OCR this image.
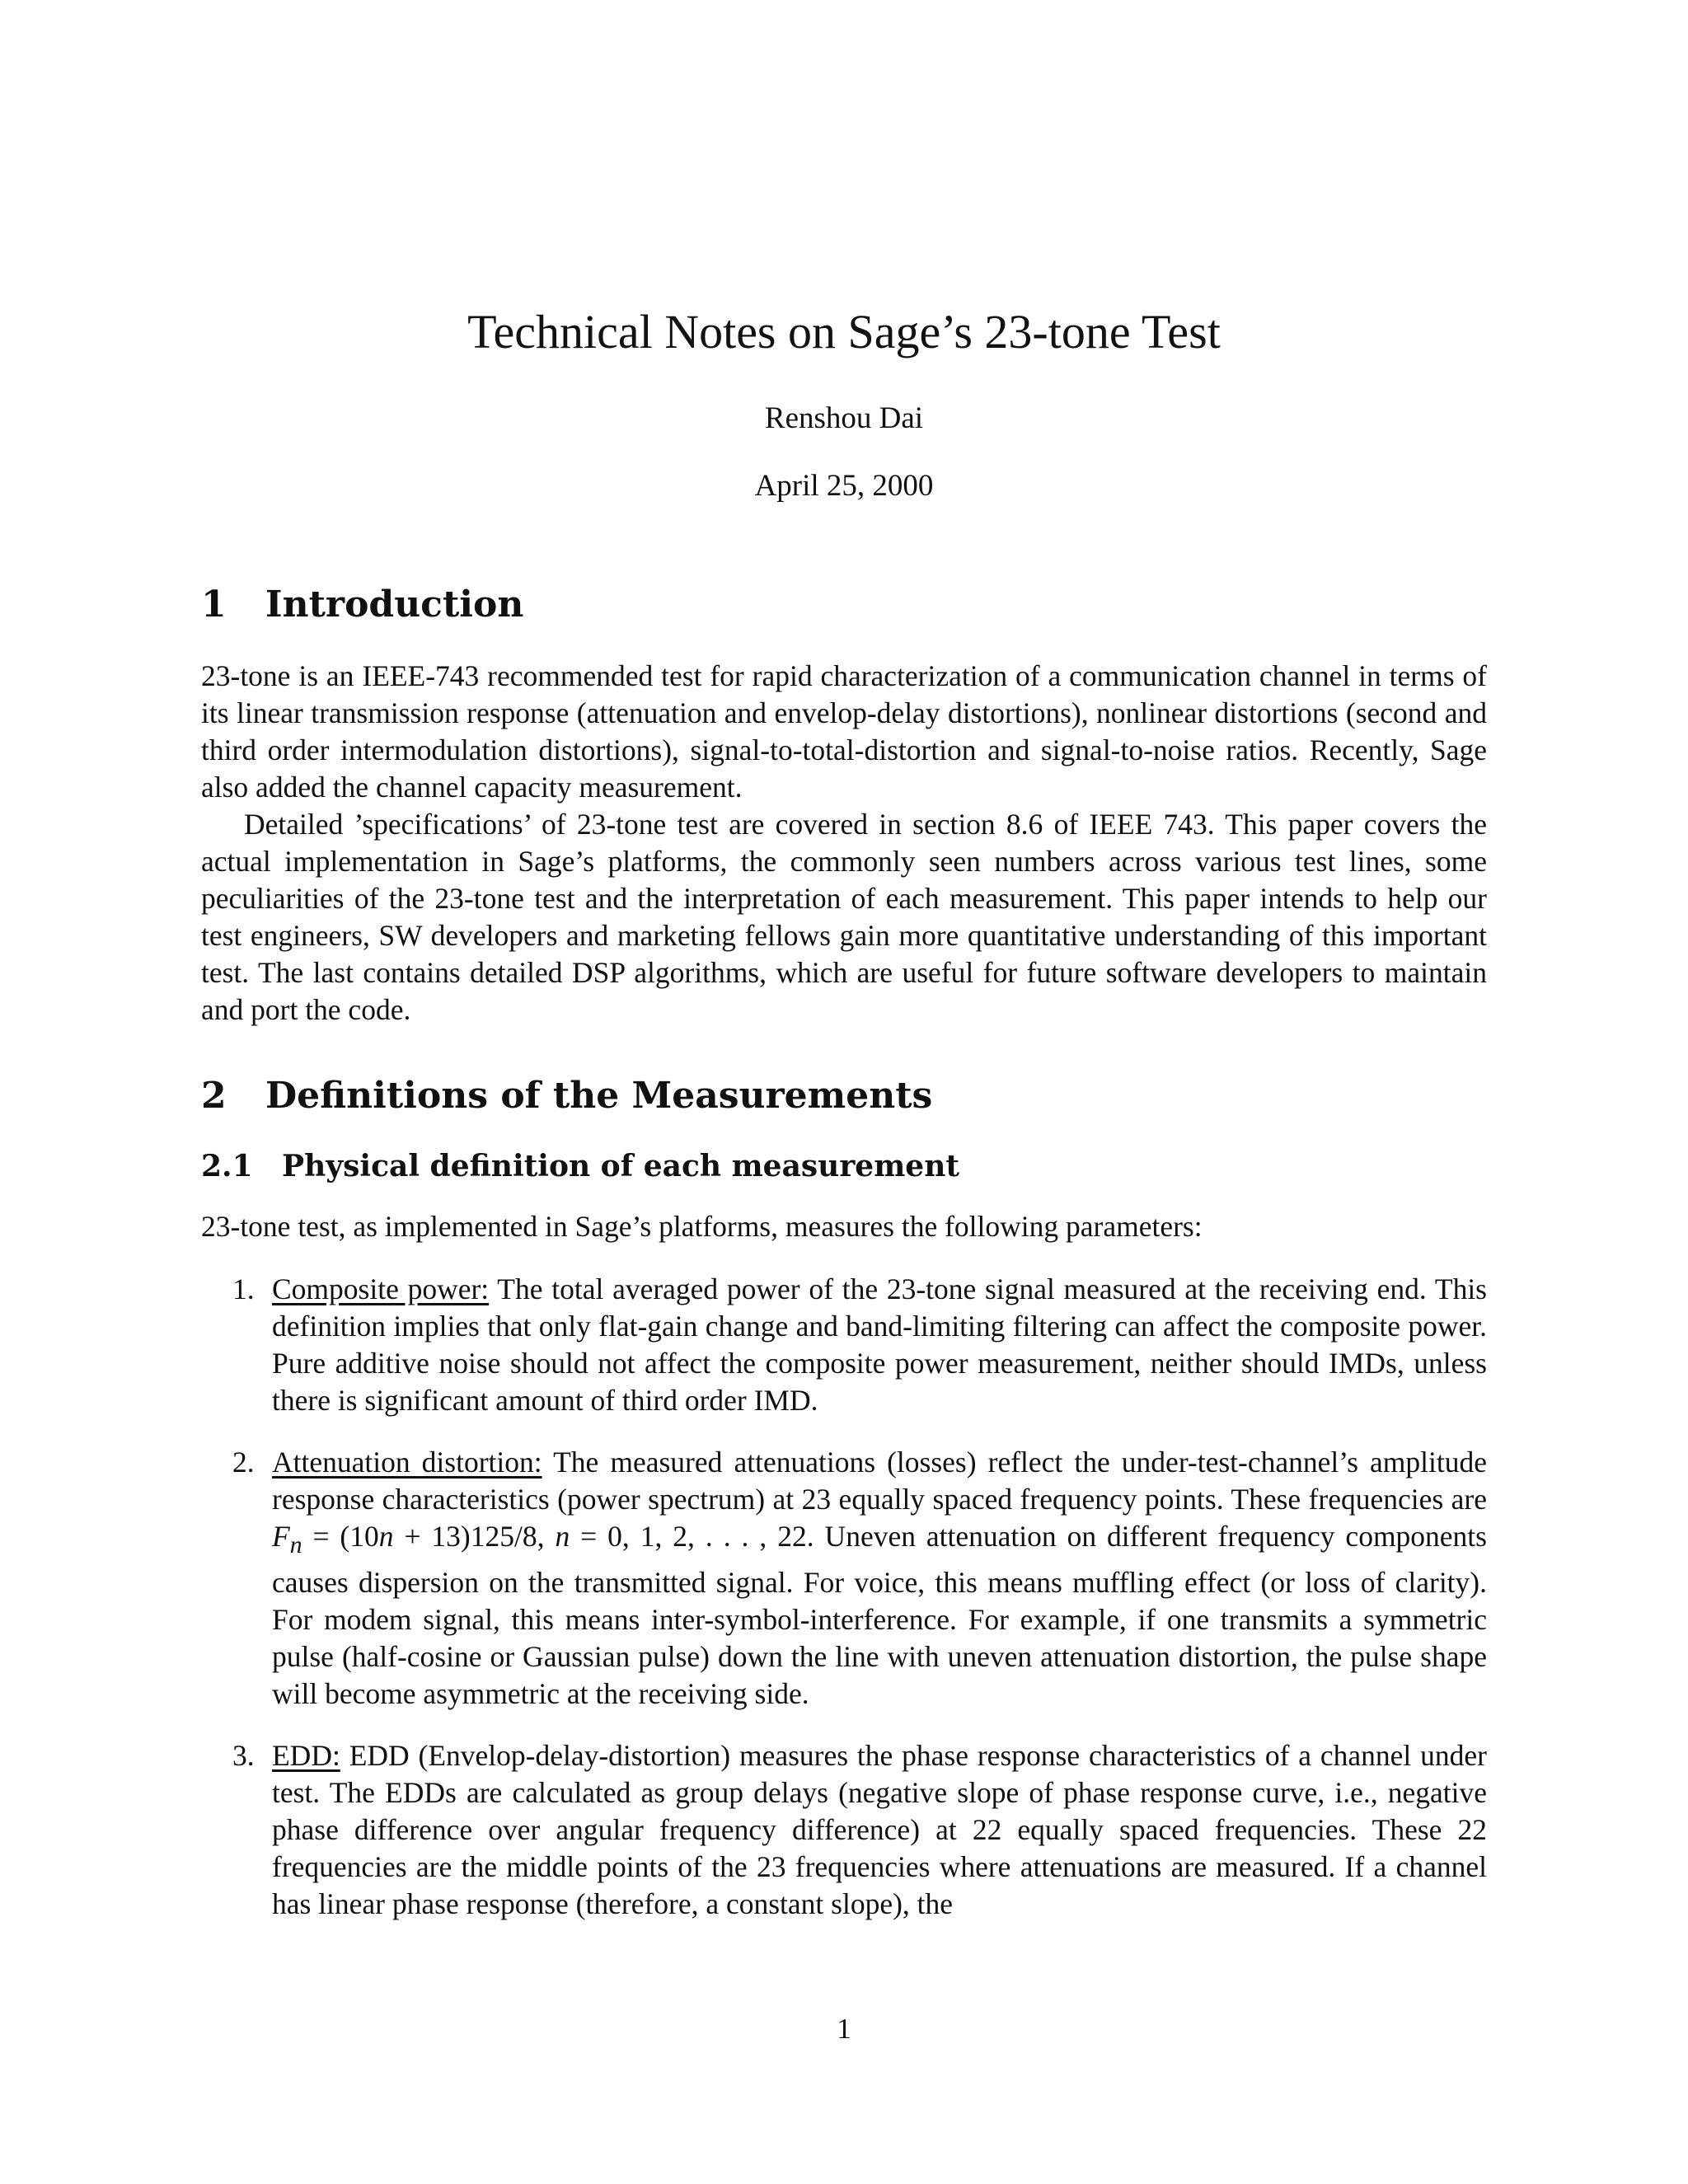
Technical Notes on Sage’s 23-tone Test
Renshou Dai
April 25, 2000
1 Introduction

23-tone is an IEEE-743 recommended test for rapid characterization of a communication channel in terms of its linear transmission response (attenuation and envelop-delay distortions), nonlinear distortions (second and third order intermodulation distortions), signal-to-total-distortion and signal-to-noise ratios. Recently, Sage also added the channel capacity measurement.

Detailed ’specifications’ of 23-tone test are covered in section 8.6 of IEEE 743. This paper covers the actual implementation in Sage’s platforms, the commonly seen numbers across various test lines, some peculiarities of the 23-tone test and the interpretation of each measurement. This paper intends to help our test engineers, SW developers and marketing fellows gain more quantitative understanding of this important test. The last contains detailed DSP algorithms, which are useful for future software developers to maintain and port the code.

2 Definitions of the Measurements
2.1 Physical definition of each measurement

23-tone test, as implemented in Sage’s platforms, measures the following parameters:

1. Composite power: The total averaged power of the 23-tone signal measured at the receiving end. This definition implies that only flat-gain change and band-limiting filtering can affect the composite power. Pure additive noise should not affect the composite power measurement, neither should IMDs, unless there is significant amount of third order IMD.
2. Attenuation distortion: The measured attenuations (losses) reflect the under-test-channel’s amplitude response characteristics (power spectrum) at 23 equally spaced frequency points. These frequencies are $F_n = (10n + 13)125/8$, n = 0, 1, 2, . . . , 22. Uneven attenuation on different frequency components causes dispersion on the transmitted signal. For voice, this means muffling effect (or loss of clarity). For modem signal, this means inter-symbol-interference. For example, if one transmits a symmetric pulse (half-cosine or Gaussian pulse) down the line with uneven attenuation distortion, the pulse shape will become asymmetric at the receiving side.
3. EDD: EDD (Envelop-delay-distortion) measures the phase response characteristics of a channel under test. The EDDs are calculated as group delays (negative slope of phase response curve, i.e., negative phase difference over angular frequency difference) at 22 equally spaced frequencies. These 22 frequencies are the middle points of the 23 frequencies where attenuations are measured. If a channel has linear phase response (therefore, a constant slope), the
1
